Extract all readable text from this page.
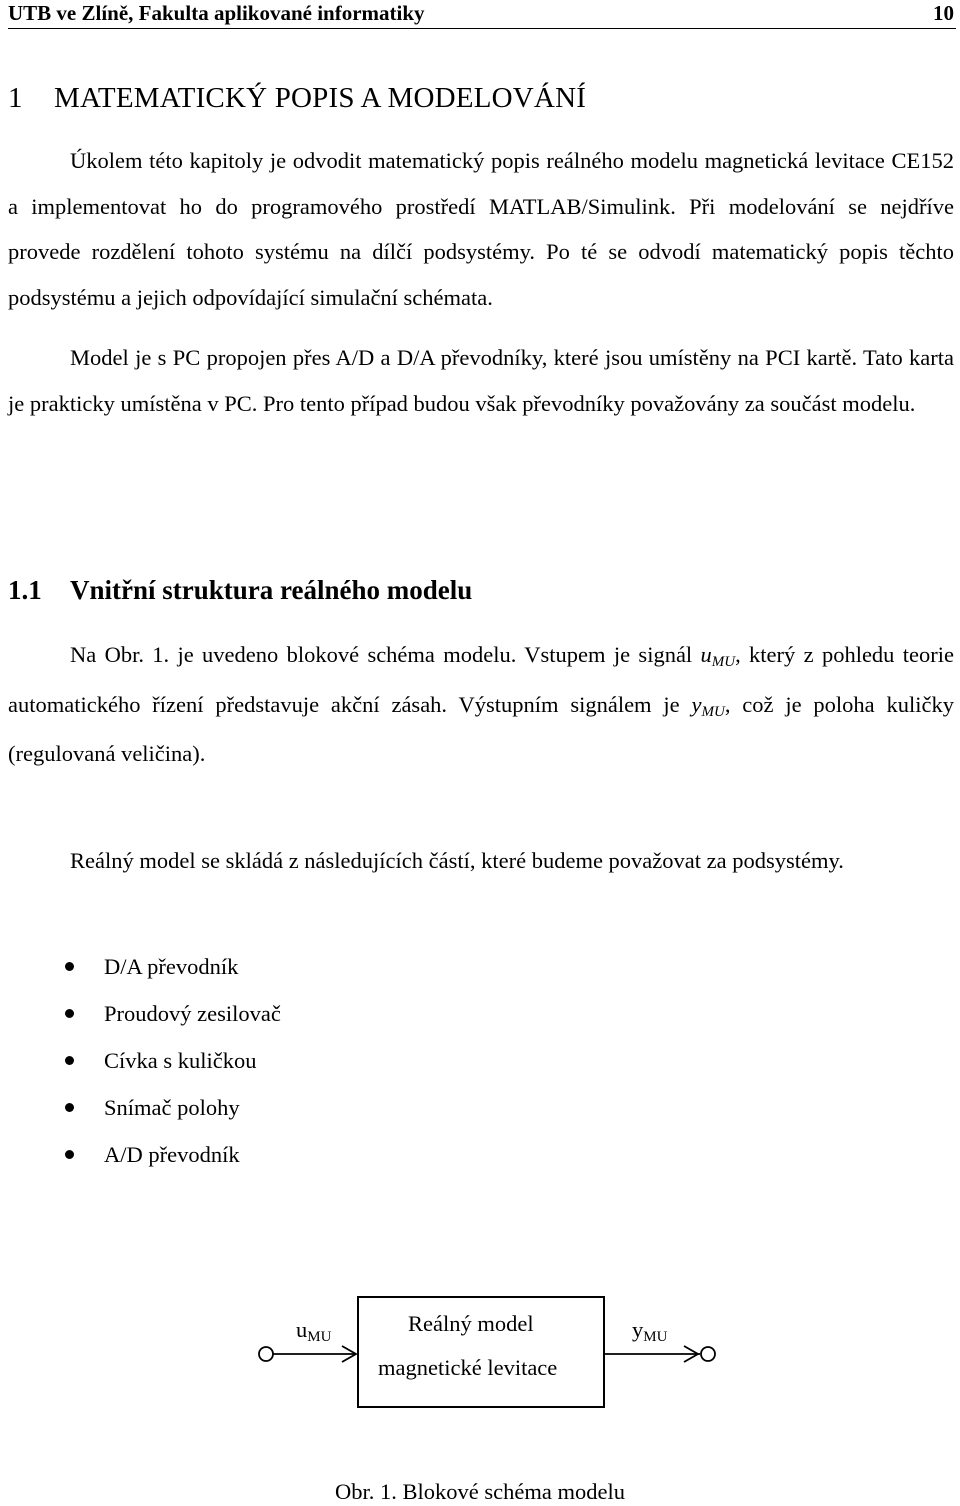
UTB ve Zlíně, Fakulta aplikované informatiky	10
1 MATEMATICKÝ POPIS A MODELOVÁNÍ
Úkolem této kapitoly je odvodit matematický popis reálného modelu magnetická levitace CE152 a implementovat ho do programového prostředí MATLAB/Simulink. Při modelování se nejdříve provede rozdělení tohoto systému na dílčí podsystémy. Po té se odvodí matematický popis těchto podsystému a jejich odpovídající simulační schémata.
Model je s PC propojen přes A/D a D/A převodníky, které jsou umístěny na PCI kartě. Tato karta je prakticky umístěna v PC. Pro tento případ budou však převodníky považovány za součást modelu.
1.1 Vnitřní struktura reálného modelu
Na Obr. 1. je uvedeno blokové schéma modelu. Vstupem je signál uMU, který z pohledu teorie automatického řízení představuje akční zásah. Výstupním signálem je yMU, což je poloha kuličky (regulovaná veličina).
Reálný model se skládá z následujících částí, které budeme považovat za podsystémy.
D/A převodník
Proudový zesilovač
Cívka s kuličkou
Snímač polohy
A/D převodník
uMU
Reálný model
magnetické levitace
yMU
Obr. 1. Blokové schéma modelu
